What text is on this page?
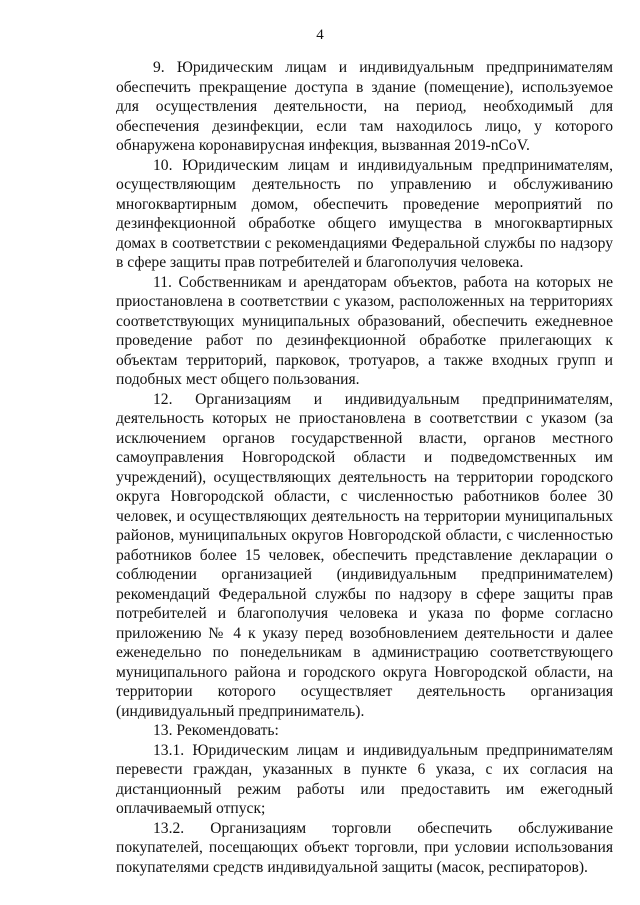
4

9. Юридическим лицам и индивидуальным предпринимателям обеспечить прекращение доступа в здание (помещение), используемое для осуществления деятельности, на период, необходимый для обеспечения дезинфекции, если там находилось лицо, у которого обнаружена коронавирусная инфекция, вызванная 2019-nCoV.

10. Юридическим лицам и индивидуальным предпринимателям, осуществляющим деятельность по управлению и обслуживанию многоквартирным домом, обеспечить проведение мероприятий по дезинфекционной обработке общего имущества в многоквартирных домах в соответствии с рекомендациями Федеральной службы по надзору в сфере защиты прав потребителей и благополучия человека.

11. Собственникам и арендаторам объектов, работа на которых не приостановлена в соответствии с указом, расположенных на территориях соответствующих муниципальных образований, обеспечить ежедневное проведение работ по дезинфекционной обработке прилегающих к объектам территорий, парковок, тротуаров, а также входных групп и подобных мест общего пользования.

12. Организациям и индивидуальным предпринимателям, деятельность которых не приостановлена в соответствии с указом (за исключением органов государственной власти, органов местного самоуправления Новгородской области и подведомственных им учреждений), осуществляющих деятельность на территории городского округа Новгородской области, с численностью работников более 30 человек, и осуществляющих деятельность на территории муниципальных районов, муниципальных округов Новгородской области, с численностью работников более 15 человек, обеспечить представление декларации о соблюдении организацией (индивидуальным предпринимателем) рекомендаций Федеральной службы по надзору в сфере защиты прав потребителей и благополучия человека и указа по форме согласно приложению № 4 к указу перед возобновлением деятельности и далее еженедельно по понедельникам в администрацию соответствующего муниципального района и городского округа Новгородской области, на территории которого осуществляет деятельность организация (индивидуальный предприниматель).

13. Рекомендовать:

13.1. Юридическим лицам и индивидуальным предпринимателям перевести граждан, указанных в пункте 6 указа, с их согласия на дистанционный режим работы или предоставить им ежегодный оплачиваемый отпуск;

13.2. Организациям торговли обеспечить обслуживание покупателей, посещающих объект торговли, при условии использования покупателями средств индивидуальной защиты (масок, респираторов).
